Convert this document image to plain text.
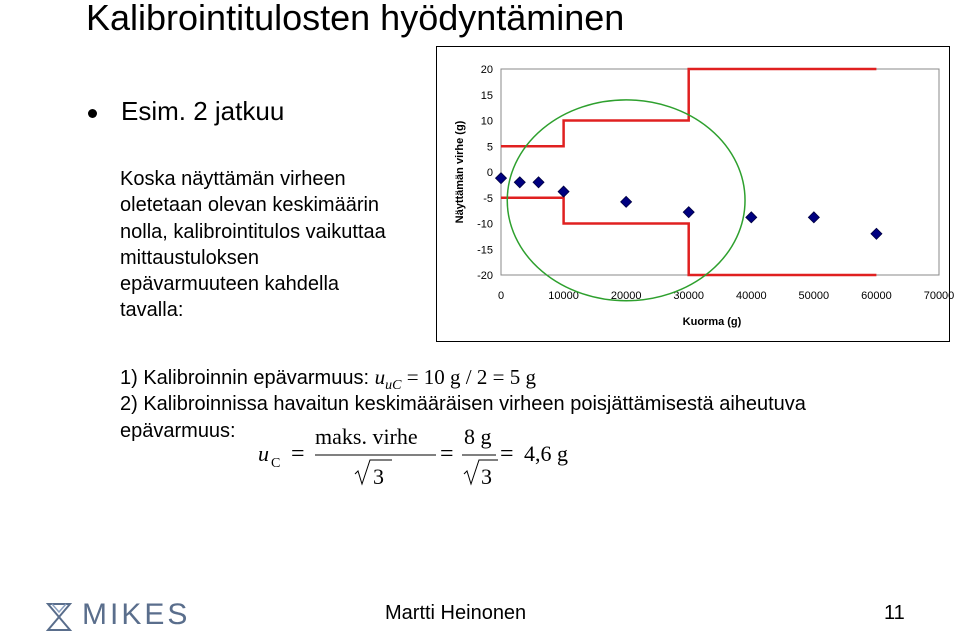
Kalibrointitulosten hyödyntäminen
Esim. 2 jatkuu
Koska näyttämän virheen
oletetaan olevan keskimäärin
nolla, kalibrointitulos vaikuttaa
mittaustuloksen
epävarmuuteen kahdella
tavalla:
20
15
10
5
0
-5
-10
-15
-20
0	10000	20000	30000	40000	50000	60000	70000
Kuorma (g)
Näyttämän virhe (g)
1) Kalibroinnin epävarmuus: $u_{uC} = 10$ g / 2 = 5 g
2) Kalibroinnissa havaitun keskimääräisen virheen poisjättämisestä aiheutuva
epävarmuus:
u C =
maks. virhe
3
=
8 g
3
= 4,6 g
MIKES	Martti Heinonen	11
